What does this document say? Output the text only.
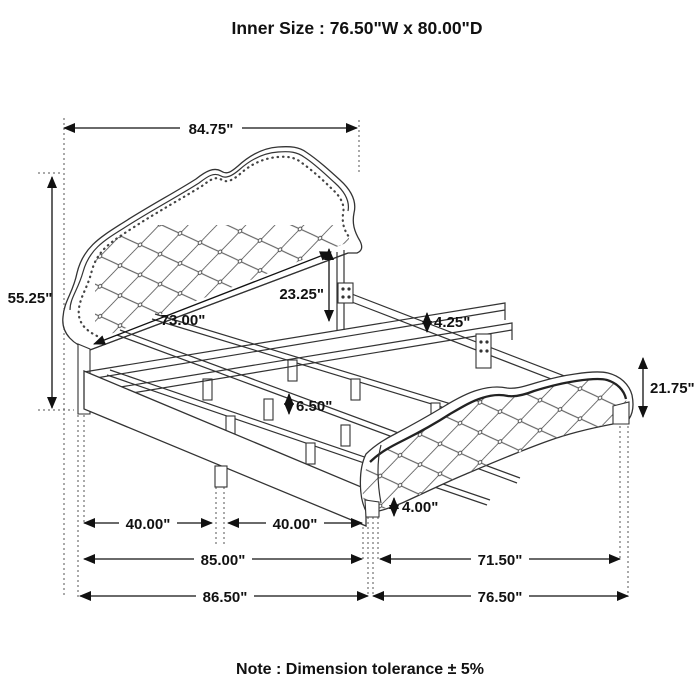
84.75"
55.25"
73.00"
23.25"
4.25"
6.50"
21.75"
4.00"
40.00"	40.00"
85.00"	71.50"
86.50"	76.50"
Inner Size : 76.50"W x 80.00"D
Note : Dimension tolerance ± 5%
